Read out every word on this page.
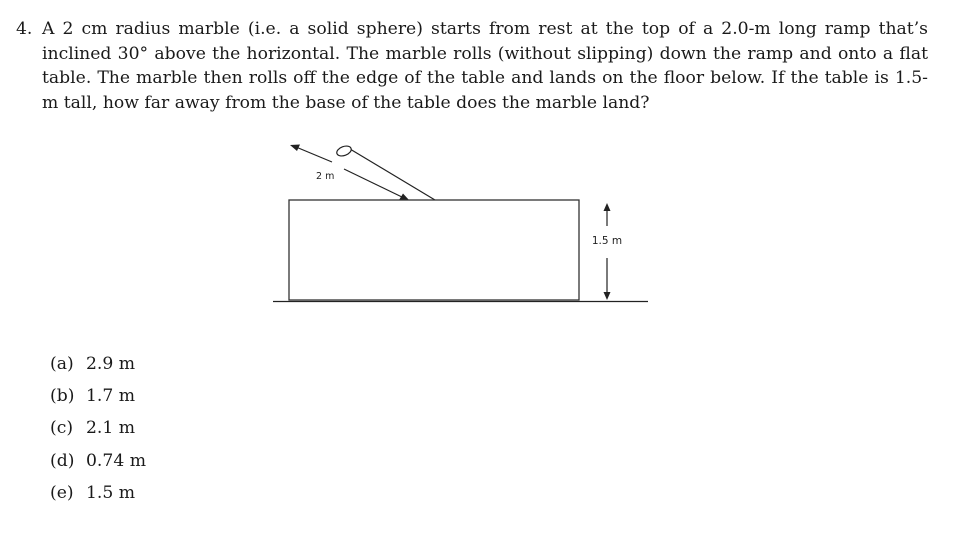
4. A 2 cm radius marble (i.e. a solid sphere) starts from rest at the top of a 2.0-m long ramp that’s inclined 30° above the horizontal. The marble rolls (without slipping) down the ramp and onto a flat table. The marble then rolls off the edge of the table and lands on the floor below. If the table is 1.5-m tall, how far away from the base of the table does the marble land?
2 m
1.5 m
(a) 2.9 m
(b) 1.7 m
(c) 2.1 m
(d) 0.74 m
(e) 1.5 m
